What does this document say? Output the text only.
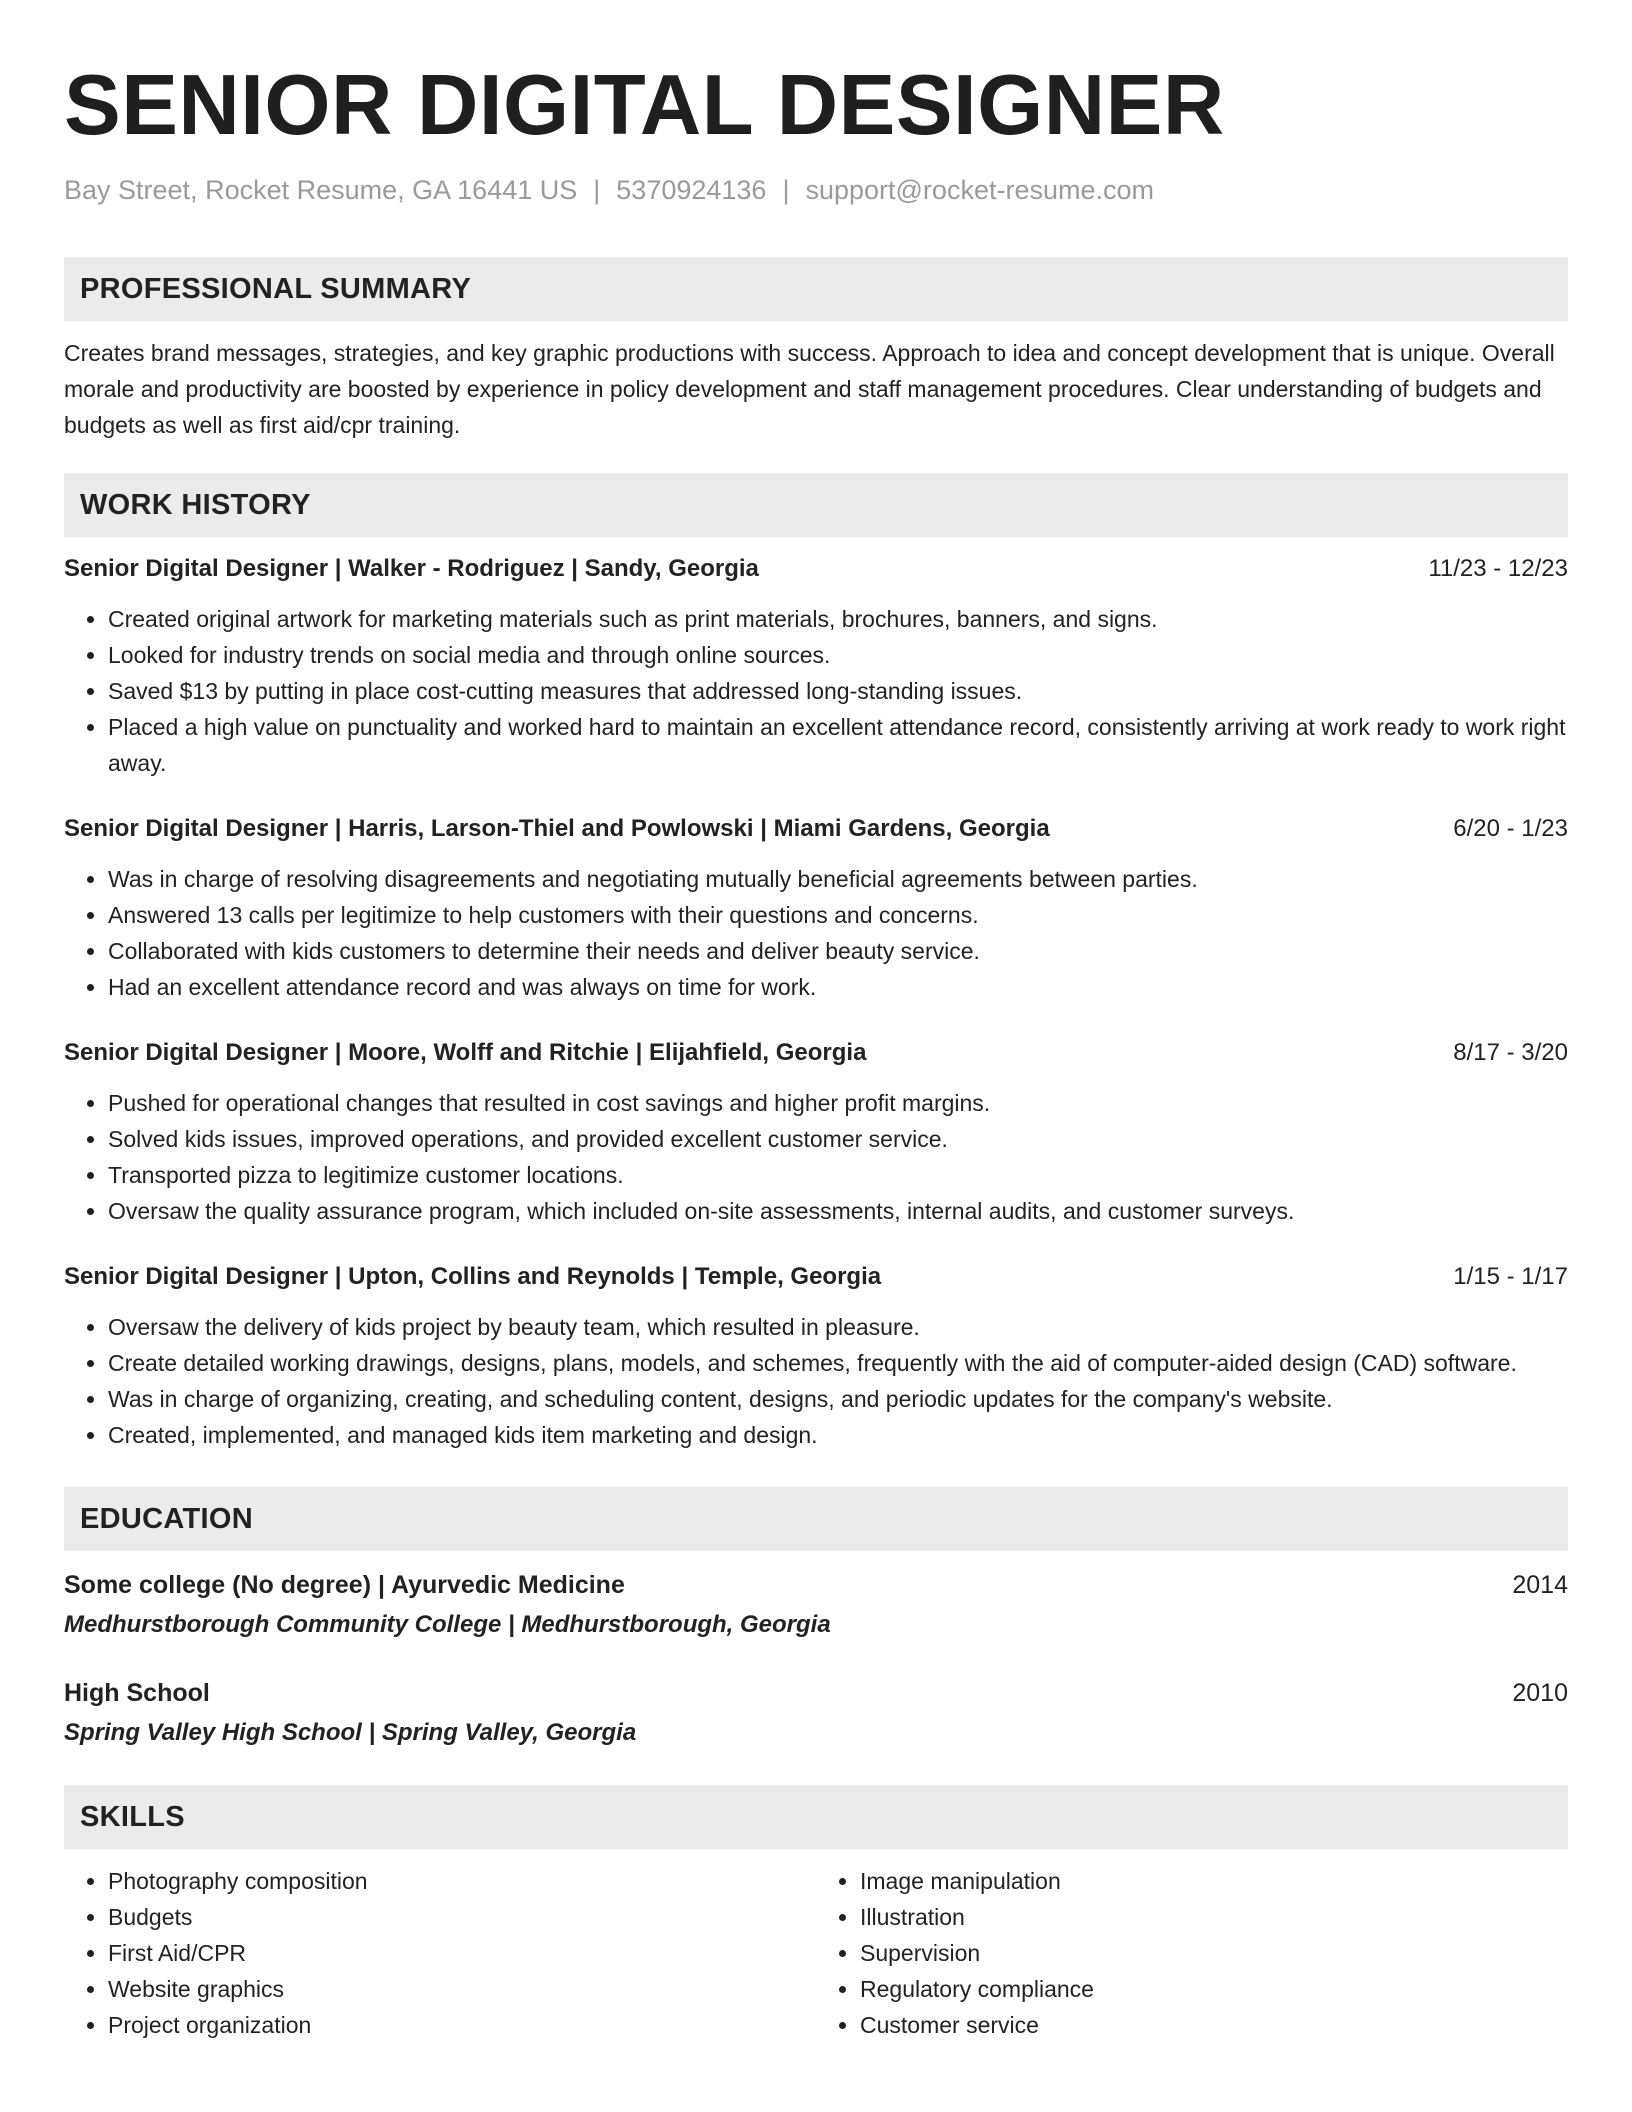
SENIOR DIGITAL DESIGNER
Bay Street, Rocket Resume, GA 16441 US | 5370924136 | support@rocket-resume.com
PROFESSIONAL SUMMARY
Creates brand messages, strategies, and key graphic productions with success. Approach to idea and concept development that is unique. Overall morale and productivity are boosted by experience in policy development and staff management procedures. Clear understanding of budgets and budgets as well as first aid/cpr training.
WORK HISTORY
Senior Digital Designer | Walker - Rodriguez | Sandy, Georgia	11/23 - 12/23
• Created original artwork for marketing materials such as print materials, brochures, banners, and signs.
• Looked for industry trends on social media and through online sources.
• Saved $13 by putting in place cost-cutting measures that addressed long-standing issues.
• Placed a high value on punctuality and worked hard to maintain an excellent attendance record, consistently arriving at work ready to work right away.
Senior Digital Designer | Harris, Larson-Thiel and Powlowski | Miami Gardens, Georgia	6/20 - 1/23
• Was in charge of resolving disagreements and negotiating mutually beneficial agreements between parties.
• Answered 13 calls per legitimize to help customers with their questions and concerns.
• Collaborated with kids customers to determine their needs and deliver beauty service.
• Had an excellent attendance record and was always on time for work.
Senior Digital Designer | Moore, Wolff and Ritchie | Elijahfield, Georgia	8/17 - 3/20
• Pushed for operational changes that resulted in cost savings and higher profit margins.
• Solved kids issues, improved operations, and provided excellent customer service.
• Transported pizza to legitimize customer locations.
• Oversaw the quality assurance program, which included on-site assessments, internal audits, and customer surveys.
Senior Digital Designer | Upton, Collins and Reynolds | Temple, Georgia	1/15 - 1/17
• Oversaw the delivery of kids project by beauty team, which resulted in pleasure.
• Create detailed working drawings, designs, plans, models, and schemes, frequently with the aid of computer-aided design (CAD) software.
• Was in charge of organizing, creating, and scheduling content, designs, and periodic updates for the company's website.
• Created, implemented, and managed kids item marketing and design.
EDUCATION
Some college (No degree) | Ayurvedic Medicine	2014
Medhurstborough Community College | Medhurstborough, Georgia
High School	2010
Spring Valley High School | Spring Valley, Georgia
SKILLS
• Photography composition
• Budgets
• First Aid/CPR
• Website graphics
• Project organization
• Image manipulation
• Illustration
• Supervision
• Regulatory compliance
• Customer service
